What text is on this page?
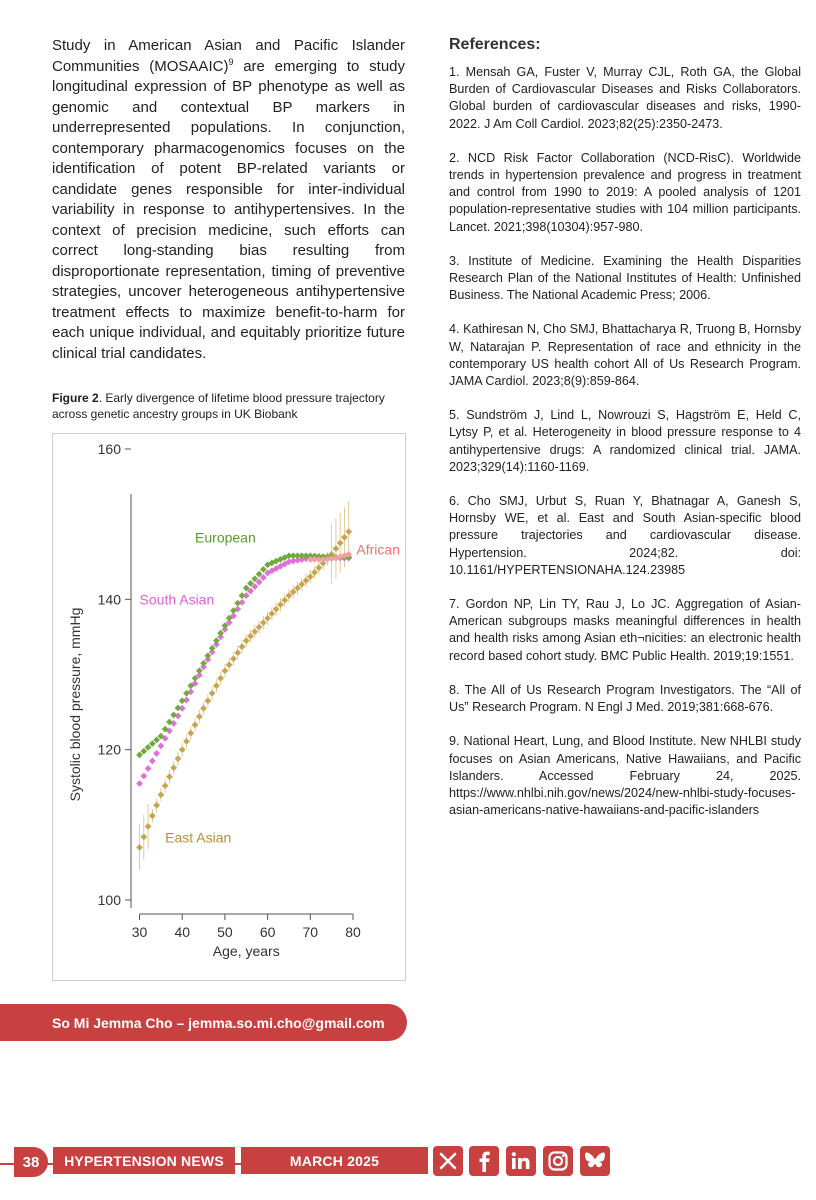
Study in American Asian and Pacific Islander Communities (MOSAAIC)$^9$ are emerging to study longitudinal expression of BP phenotype as well as genomic and contextual BP markers in underrepresented populations. In conjunction, contemporary pharmacogenomics focuses on the identification of potent BP-related variants or candidate genes responsible for inter-individual variability in response to antihypertensives. In the context of precision medicine, such efforts can correct long-standing bias resulting from disproportionate representation, timing of preventive strategies, uncover heterogeneous antihypertensive treatment effects to maximize benefit-to-harm for each unique individual, and equitably prioritize future clinical trial candidates.

Figure 2. Early divergence of lifetime blood pressure trajectory across genetic ancestry groups in UK Biobank

100
120
140
160
30 40 50 60 70 80
Age, years
Systolic blood pressure, mmHg
European
South Asian
East Asian
African
References:
1. Mensah GA, Fuster V, Murray CJL, Roth GA, the Global Burden of Cardiovascular Diseases and Risks Collaborators. Global burden of cardiovascular diseases and risks, 1990-2022. J Am Coll Cardiol. 2023;82(25):2350-2473.
2. NCD Risk Factor Collaboration (NCD-RisC). Worldwide trends in hypertension prevalence and progress in treatment and control from 1990 to 2019: A pooled analysis of 1201 population-representative studies with 104 million participants. Lancet. 2021;398(10304):957-980.
3. Institute of Medicine. Examining the Health Disparities Research Plan of the National Institutes of Health: Unfinished Business. The National Academic Press; 2006.
4. Kathiresan N, Cho SMJ, Bhattacharya R, Truong B, Hornsby W, Natarajan P. Representation of race and ethnicity in the contemporary US health cohort All of Us Research Program. JAMA Cardiol. 2023;8(9):859-864.
5. Sundström J, Lind L, Nowrouzi S, Hagström E, Held C, Lytsy P, et al. Heterogeneity in blood pressure response to 4 antihypertensive drugs: A randomized clinical trial. JAMA. 2023;329(14):1160-1169.
6. Cho SMJ, Urbut S, Ruan Y, Bhatnagar A, Ganesh S, Hornsby WE, et al. East and South Asian-specific blood pressure trajectories and cardiovascular disease. Hypertension. 2024;82. doi: 10.1161/HYPERTENSIONAHA.124.23985
7. Gordon NP, Lin TY, Rau J, Lo JC. Aggregation of Asian-American subgroups masks meaningful differences in health and health risks among Asian eth¬nicities: an electronic health record based cohort study. BMC Public Health. 2019;19:1551.
8. The All of Us Research Program Investigators. The “All of Us” Research Program. N Engl J Med. 2019;381:668-676.
9. National Heart, Lung, and Blood Institute. New NHLBI study focuses on Asian Americans, Native Hawaiians, and Pacific Islanders. Accessed February 24, 2025. https://www.nhlbi.nih.gov/news/2024/new-nhlbi-study-focuses-asian-americans-native-hawaiians-and-pacific-islanders
So Mi Jemma Cho – jemma.so.mi.cho@gmail.com
38	HYPERTENSION NEWS	MARCH 2025
